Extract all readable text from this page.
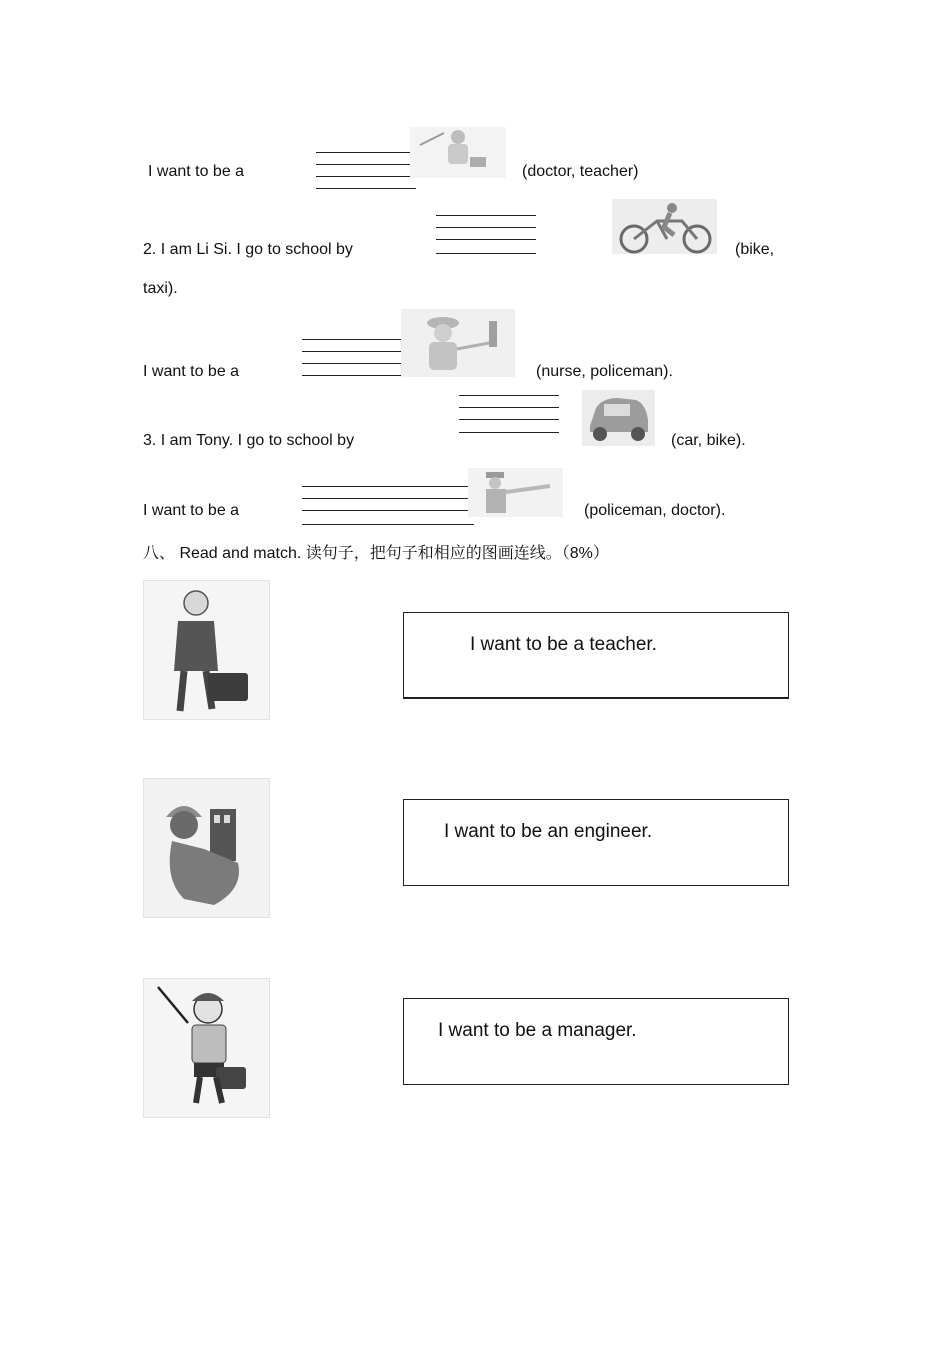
I want to be a	(doctor, teacher)
2. I am Li Si. I go to school by	(bike,
taxi).
I want to be a	(nurse, policeman).
3. I am Tony. I go to school by	(car, bike).
I want to be a	(policeman, doctor).
八、 Read and match. 读句子，把句子和相应的图画连线。（8%）
I want to be a teacher.
I want to be an engineer.
I want to be a manager.
